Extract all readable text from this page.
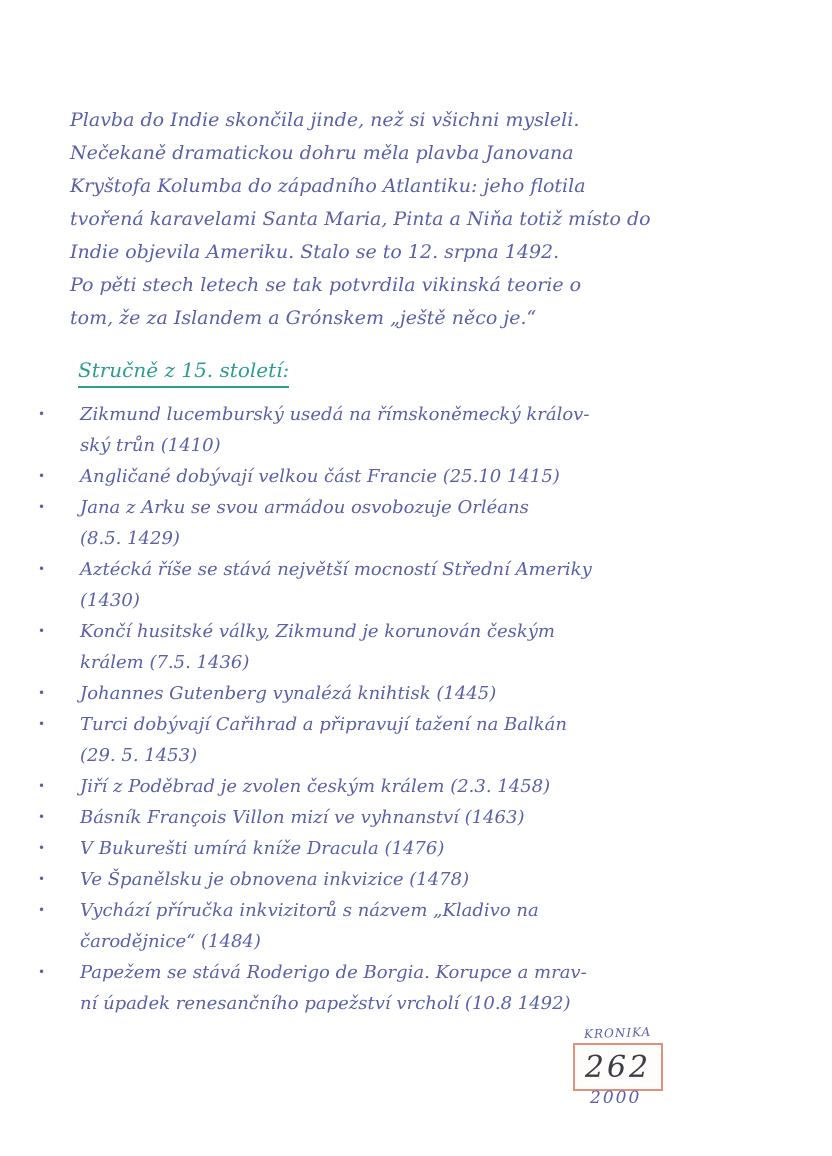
Plavba do Indie skončila jinde, než si všichni mysleli.
Nečekaně dramatickou dohru měla plavba Janovana
Kryštofa Kolumba do západního Atlantiku: jeho flotila
tvořená karavelami Santa Maria, Pinta a Niňa totiž místo do
Indie objevila Ameriku. Stalo se to 12. srpna 1492.
Po pěti stech letech se tak potvrdila vikinská teorie o
tom, že za Islandem a Grónskem „ještě něco je.“
Stručně z 15. století:
•	Zikmund lucemburský usedá na římskoněmecký králov-
ský trůn (1410)
•	Angličané dobývají velkou část Francie (25.10 1415)
•	Jana z Arku se svou armádou osvobozuje Orléans
(8.5. 1429)
•	Aztécká říše se stává největší mocností Střední Ameriky
(1430)
•	Končí husitské války, Zikmund je korunován českým
králem (7.5. 1436)
•	Johannes Gutenberg vynalézá knihtisk (1445)
•	Turci dobývají Cařihrad a připravují tažení na Balkán
(29. 5. 1453)
•	Jiří z Poděbrad je zvolen českým králem (2.3. 1458)
•	Básník François Villon mizí ve vyhnanství (1463)
•	V Bukurešti umírá kníže Dracula (1476)
•	Ve Španělsku je obnovena inkvizice (1478)
•	Vychází příručka inkvizitorů s názvem „Kladivo na
čarodějnice“ (1484)
•	Papežem se stává Roderigo de Borgia. Korupce a mrav-
ní úpadek renesančního papežství vrcholí (10.8 1492)
KRONIKA
262
2000
